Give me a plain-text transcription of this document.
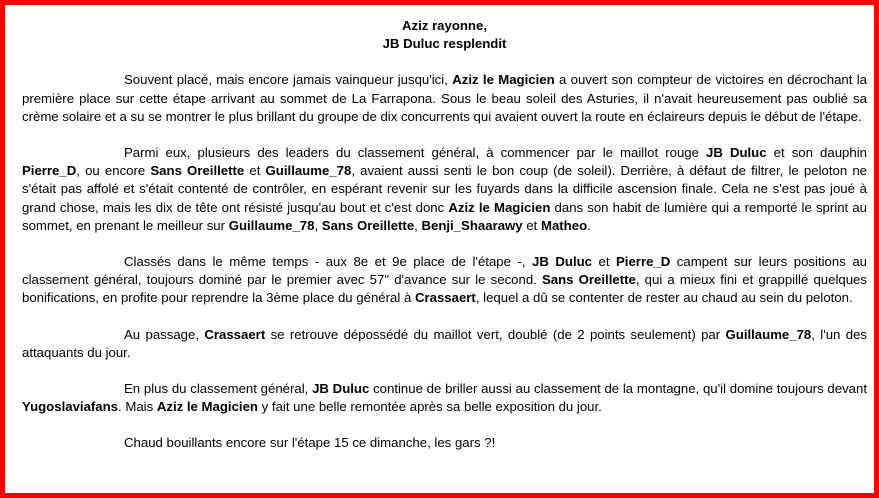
Aziz rayonne,
JB Duluc resplendit

Souvent placé, mais encore jamais vainqueur jusqu'ici, Aziz le Magicien a ouvert son compteur de victoires en décrochant la première place sur cette étape arrivant au sommet de La Farrapona. Sous le beau soleil des Asturies, il n'avait heureusement pas oublié sa crème solaire et a su se montrer le plus brillant du groupe de dix concurrents qui avaient ouvert la route en éclaireurs depuis le début de l'étape.

Parmi eux, plusieurs des leaders du classement général, à commencer par le maillot rouge JB Duluc et son dauphin Pierre_D, ou encore Sans Oreillette et Guillaume_78, avaient aussi senti le bon coup (de soleil). Derrière, à défaut de filtrer, le peloton ne s'était pas affolé et s'était contenté de contrôler, en espérant revenir sur les fuyards dans la difficile ascension finale. Cela ne s'est pas joué à grand chose, mais les dix de tête ont résisté jusqu'au bout et c'est donc Aziz le Magicien dans son habit de lumière qui a remporté le sprint au sommet, en prenant le meilleur sur Guillaume_78, Sans Oreillette, Benji_Shaarawy et Matheo.

Classés dans le même temps - aux 8e et 9e place de l'étape -, JB Duluc et Pierre_D campent sur leurs positions au classement général, toujours dominé par le premier avec 57" d'avance sur le second. Sans Oreillette, qui a mieux fini et grappillé quelques bonifications, en profite pour reprendre la 3ème place du général à Crassaert, lequel a dû se contenter de rester au chaud au sein du peloton.

Au passage, Crassaert se retrouve dépossédé du maillot vert, doublé (de 2 points seulement) par Guillaume_78, l'un des attaquants du jour.

En plus du classement général, JB Duluc continue de briller aussi au classement de la montagne, qu'il domine toujours devant Yugoslaviafans. Mais Aziz le Magicien y fait une belle remontée après sa belle exposition du jour.

Chaud bouillants encore sur l'étape 15 ce dimanche, les gars ?!
